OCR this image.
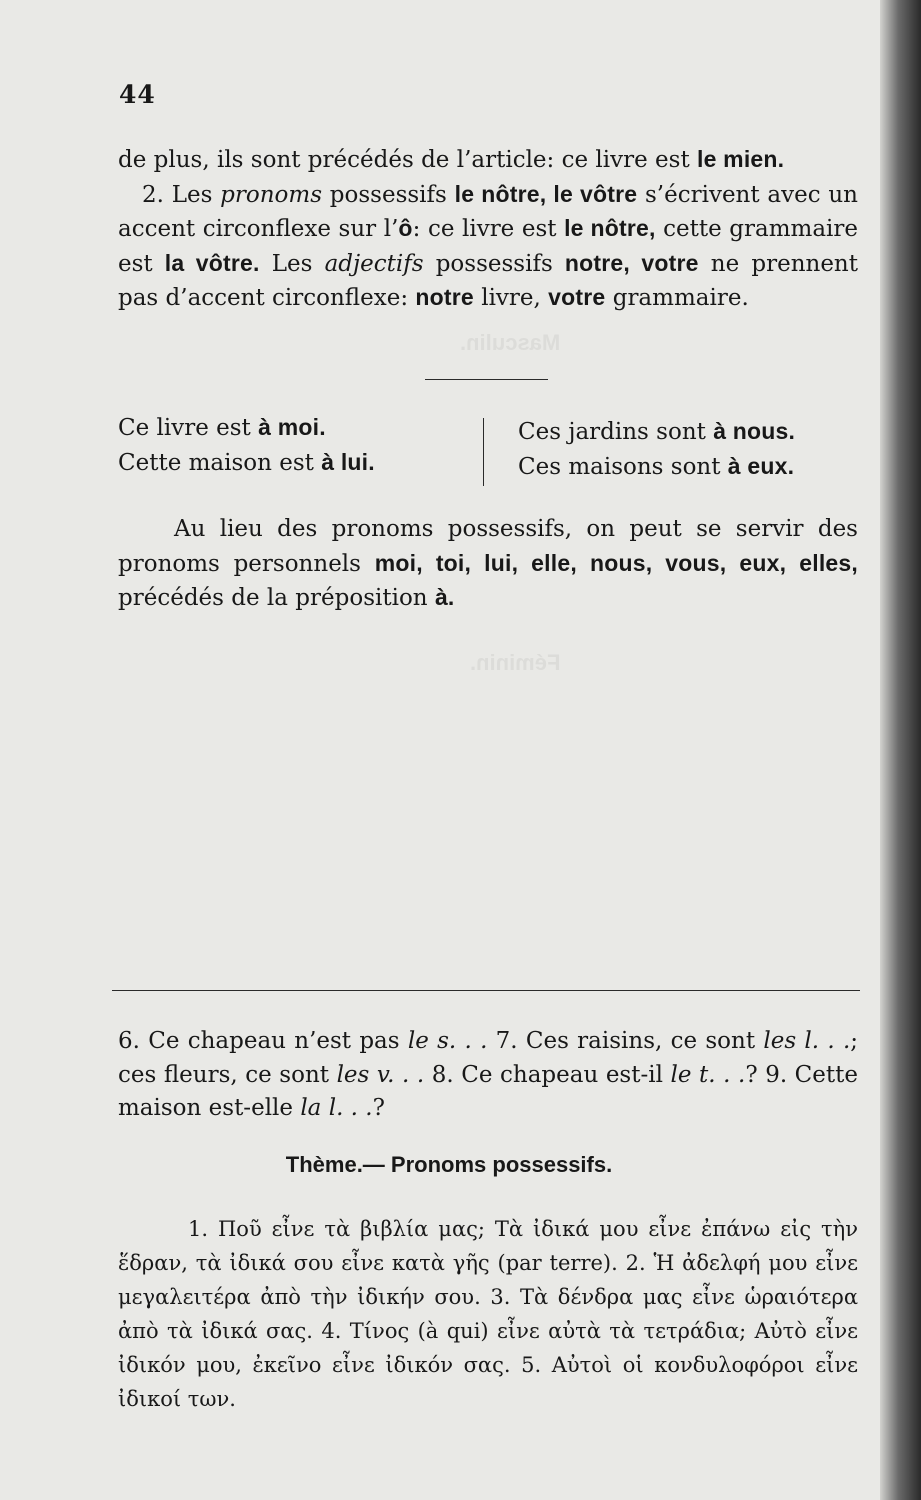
Masculin.
Féminin.
44
de plus, ils sont précédés de l’article: ce livre est le mien.
2. Les pronoms possessifs le nôtre, le vôtre s’écrivent avec un accent circonflexe sur l’ô: ce livre est le nôtre, cette grammaire est la vôtre. Les adjectifs possessifs notre, votre ne prennent pas d’accent circonflexe: notre livre, votre grammaire.
Ce livre est à moi.
Cette maison est à lui.
Ces jardins sont à nous.
Ces maisons sont à eux.
Au lieu des pronoms possessifs, on peut se servir des pronoms personnels moi, toi, lui, elle, nous, vous, eux, elles, précédés de la préposition à.
6. Ce chapeau n’est pas le s. . . 7. Ces raisins, ce sont les l. . .; ces fleurs, ce sont les v. . . 8. Ce chapeau est-il le t. . .? 9. Cette maison est-elle la l. . .?
Thème.— Pronoms possessifs.
1. Ποῦ εἶνε τὰ βιβλία μας; Τὰ ἰδικά μου εἶνε ἐπάνω εἰς τὴν ἕδραν, τὰ ἰδικά σου εἶνε κατὰ γῆς (par terre). 2. Ἡ ἀδελφή μου εἶνε μεγαλειτέρα ἀπὸ τὴν ἰδικήν σου. 3. Τὰ δένδρα μας εἶνε ὡραιότερα ἀπὸ τὰ ἰδικά σας. 4. Τίνος (à qui) εἶνε αὐτὰ τὰ τετράδια; Αὐτὸ εἶνε ἰδικόν μου, ἐκεῖνο εἶνε ἰδικόν σας. 5. Αὐτοὶ οἱ κονδυλοφόροι εἶνε ἰδικοί των.
